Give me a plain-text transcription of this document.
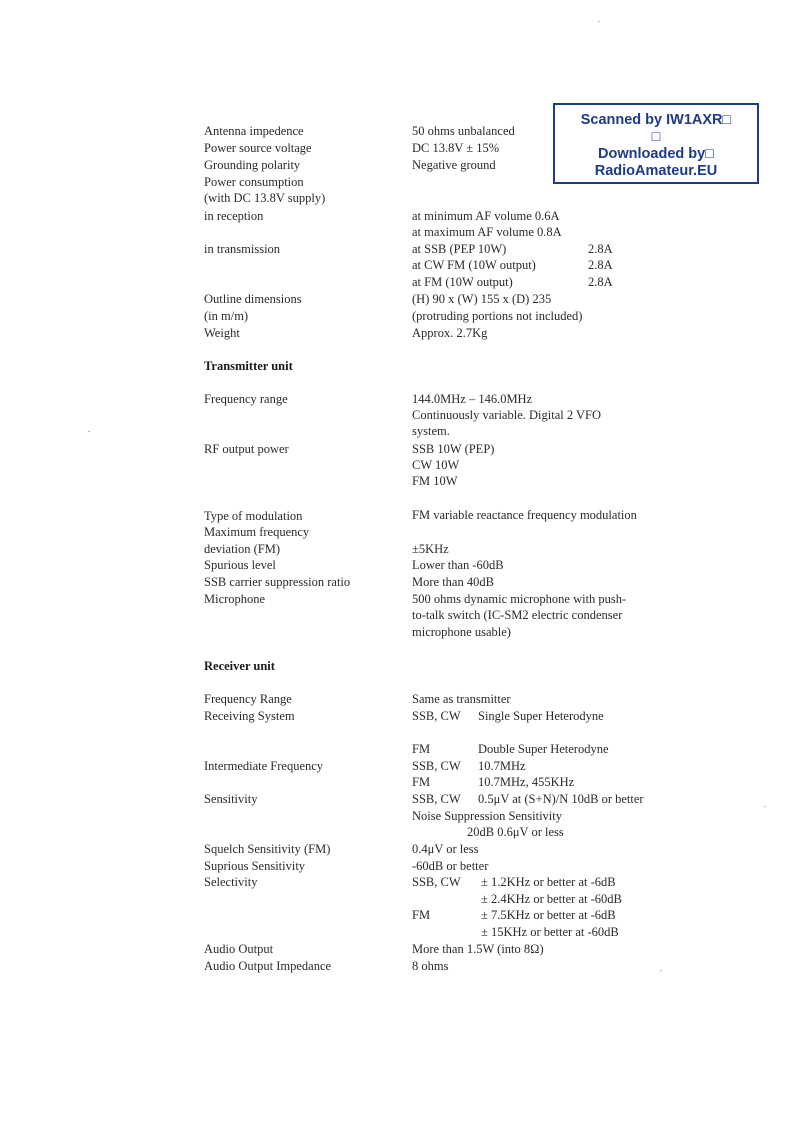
Scanned by IW1AXR□
□
Downloaded by□
RadioAmateur.EU
Antenna impedence	50 ohms unbalanced
Power source voltage	DC 13.8V ± 15%
Grounding polarity	Negative ground
Power consumption
(with DC 13.8V supply)
in reception	at minimum AF volume 0.6A
at maximum AF volume 0.8A
in transmission	at SSB (PEP 10W)	2.8A
at CW FM (10W output)	2.8A
at FM (10W output)	2.8A
Outline dimensions	(H) 90 x (W) 155 x (D) 235
(in m/m)	(protruding portions not included)
Weight	Approx. 2.7Kg
Transmitter unit
Frequency range	144.0MHz – 146.0MHz
Continuously variable. Digital 2 VFO
system.
RF output power	SSB 10W (PEP)
CW 10W
FM 10W
Type of modulation	FM variable reactance frequency modulation
Maximum frequency
deviation (FM)	±5KHz
Spurious level	Lower than -60dB
SSB carrier suppression ratio	More than 40dB
Microphone	500 ohms dynamic microphone with push-
to-talk switch (IC-SM2 electric condenser
microphone usable)
Receiver unit
Frequency Range	Same as transmitter
Receiving System	SSB, CW Single Super Heterodyne
FM	Double Super Heterodyne
Intermediate Frequency	SSB, CW 10.7MHz
FM	10.7MHz, 455KHz
Sensitivity	SSB, CW 0.5μV at (S+N)/N 10dB or better
Noise Suppression Sensitivity
20dB 0.6μV or less
Squelch Sensitivity (FM)	0.4μV or less
Suprious Sensitivity	-60dB or better
Selectivity	SSB, CW ± 1.2KHz or better at -6dB
± 2.4KHz or better at -60dB
FM	± 7.5KHz or better at -6dB
± 15KHz or better at -60dB
Audio Output	More than 1.5W (into 8Ω)
Audio Output Impedance	8 ohms
